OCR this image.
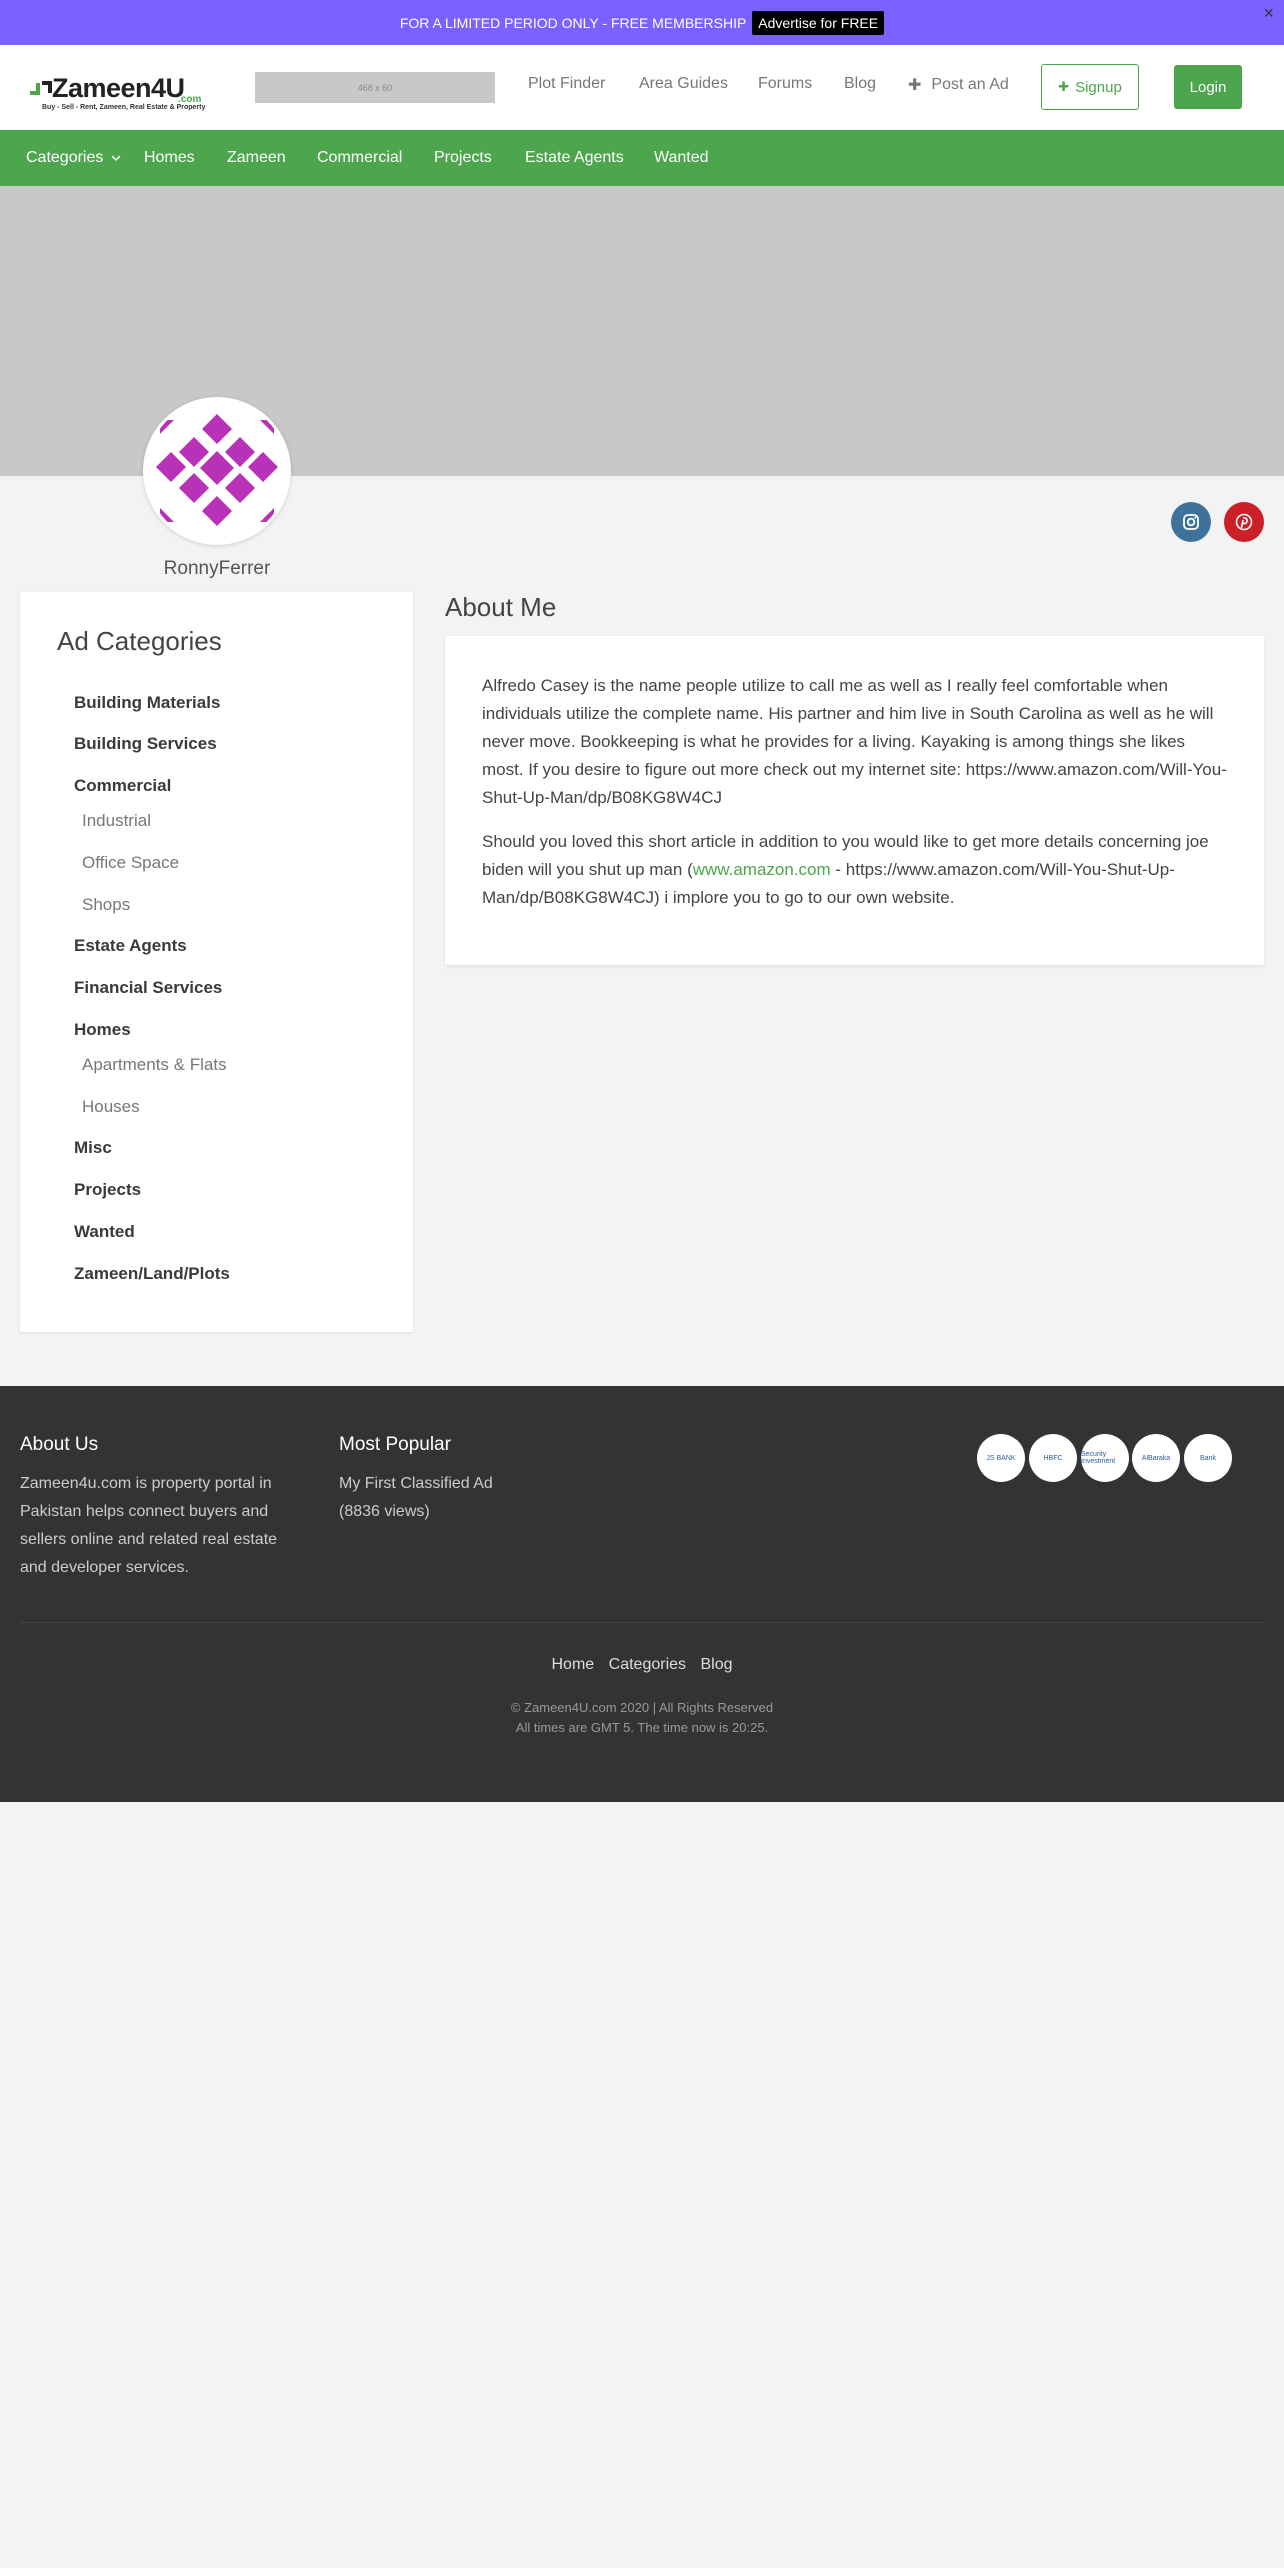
FOR A LIMITED PERIOD ONLY - FREE MEMBERSHIP Advertise for FREE	×
Zameen4U
.com
Buy - Sell - Rent, Zameen, Real Estate & Property
468 x 60	Plot Finder Area Guides Forums Blog ✚ Post an Ad	✚ Signup	Login
Categories	Homes Zameen Commercial Projects Estate Agents Wanted
RonnyFerrer
Ad Categories
Building Materials
Building Services
Commercial
Industrial
Office Space
Shops
Estate Agents
Financial Services
Homes
Apartments & Flats
Houses
Misc
Projects
Wanted
Zameen/Land/Plots
About Me

Alfredo Casey is the name people utilize to call me as well as I really feel comfortable when individuals utilize the complete name. His partner and him live in South Carolina as well as he will never move. Bookkeeping is what he provides for a living. Kayaking is among things she likes most. If you desire to figure out more check out my internet site: https://www.amazon.com/Will-You-Shut-Up-Man/dp/B08KG8W4CJ

Should you loved this short article in addition to you would like to get more details concerning joe biden will you shut up man (www.amazon.com - https://www.amazon.com/Will-You-Shut-Up-Man/dp/B08KG8W4CJ) i implore you to go to our own website.

About Us
Zameen4u.com is property portal in Pakistan helps connect buyers and sellers online and related real estate and developer services.
Most Popular
My First Classified Ad
(8836 views)
JS BANK	HBFC	Security Investment	AlBaraka	Bank
Home Categories Blog
© Zameen4U.com 2020 | All Rights Reserved
All times are GMT 5. The time now is 20:25.
